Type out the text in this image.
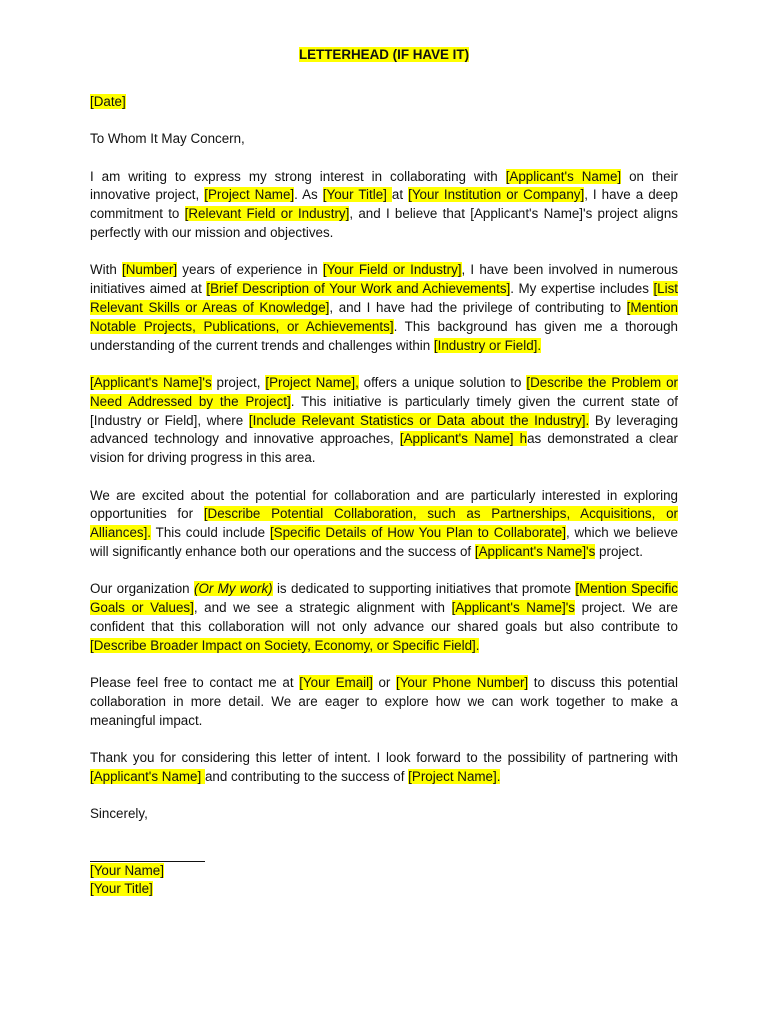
LETTERHEAD (IF HAVE IT)

[Date]

To Whom It May Concern,

I am writing to express my strong interest in collaborating with [Applicant's Name] on their innovative project, [Project Name]. As [Your Title] at [Your Institution or Company], I have a deep commitment to [Relevant Field or Industry], and I believe that [Applicant's Name]'s project aligns perfectly with our mission and objectives.

With [Number] years of experience in [Your Field or Industry], I have been involved in numerous initiatives aimed at [Brief Description of Your Work and Achievements]. My expertise includes [List Relevant Skills or Areas of Knowledge], and I have had the privilege of contributing to [Mention Notable Projects, Publications, or Achievements]. This background has given me a thorough understanding of the current trends and challenges within [Industry or Field].

[Applicant's Name]'s project, [Project Name], offers a unique solution to [Describe the Problem or Need Addressed by the Project]. This initiative is particularly timely given the current state of [Industry or Field], where [Include Relevant Statistics or Data about the Industry]. By leveraging advanced technology and innovative approaches, [Applicant's Name] has demonstrated a clear vision for driving progress in this area.

We are excited about the potential for collaboration and are particularly interested in exploring opportunities for [Describe Potential Collaboration, such as Partnerships, Acquisitions, or Alliances]. This could include [Specific Details of How You Plan to Collaborate], which we believe will significantly enhance both our operations and the success of [Applicant's Name]'s project.

Our organization (Or My work) is dedicated to supporting initiatives that promote [Mention Specific Goals or Values], and we see a strategic alignment with [Applicant's Name]'s project. We are confident that this collaboration will not only advance our shared goals but also contribute to [Describe Broader Impact on Society, Economy, or Specific Field].

Please feel free to contact me at [Your Email] or [Your Phone Number] to discuss this potential collaboration in more detail. We are eager to explore how we can work together to make a meaningful impact.

Thank you for considering this letter of intent. I look forward to the possibility of partnering with [Applicant's Name] and contributing to the success of [Project Name].

Sincerely,

[Your Name]

[Your Title]
